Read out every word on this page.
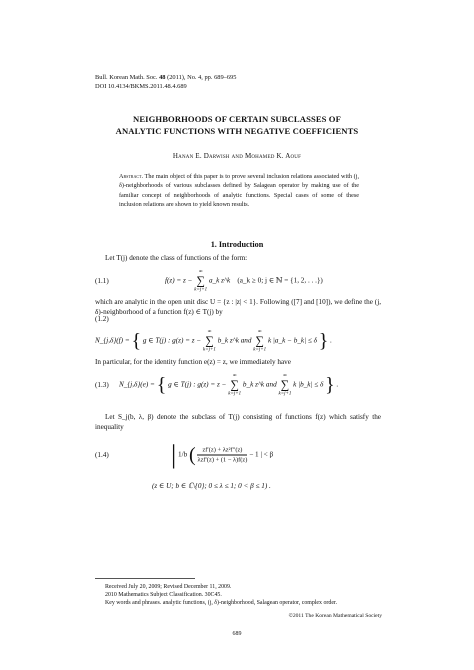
Bull. Korean Math. Soc. 48 (2011), No. 4, pp. 689–695
DOI 10.4134/BKMS.2011.48.4.689
NEIGHBORHOODS OF CERTAIN SUBCLASSES OF
ANALYTIC FUNCTIONS WITH NEGATIVE COEFFICIENTS
Hanan E. Darwish and Mohamed K. Aouf
Abstract. The main object of this paper is to prove several inclusion relations associated with (j, δ)-neighborhoods of various subclasses defined by Salagean operator by making use of the familiar concept of neighborhoods of analytic functions. Special cases of some of these inclusion relations are shown to yield known results.
1. Introduction
Let T(j) denote the class of functions of the form:
(1.1)	f(z) = z −
∞
∑
k=j+1
a_k z^k (a_k ≥ 0; j ∈ ℕ = {1, 2, . . .})
which are analytic in the open unit disc U = {z : |z| < 1}. Following ([7] and [10]), we define the (j, δ)-neighborhood of a function f(z) ∈ T(j) by
(1.2)
N_{j,δ}(f) = { g ∈ T(j) : g(z) = z −
∞
∑
k=j+1
b_k z^k and
∞
∑
k=j+1
k |a_k − b_k| ≤ δ } .
In particular, for the identity function e(z) = z, we immediately have
(1.3) N_{j,δ}(e) = { g ∈ T(j) : g(z) = z −
∞
∑
k=j+1
b_k z^k and
∞
∑
k=j+1
k |b_k| ≤ δ } .
Let S_j(b, λ, β) denote the subclass of T(j) consisting of functions f(z) which satisfy the inequality
(1.4) | 1/b ( $\frac{\text{zf′(z) + λz²f″(z)}}{\text{λzf′(z) + (1 − λ)f(z)}} - 1$ | < β
(z ∈ U; b ∈ ℂ\{0}; 0 ≤ λ ≤ 1; 0 < β ≤ 1) .
Received July 20, 2009; Revised December 11, 2009.
2010 Mathematics Subject Classification. 30C45.
Key words and phrases. analytic functions, (j, δ)-neighborhood, Salagean operator, complex order.
©2011 The Korean Mathematical Society
689
